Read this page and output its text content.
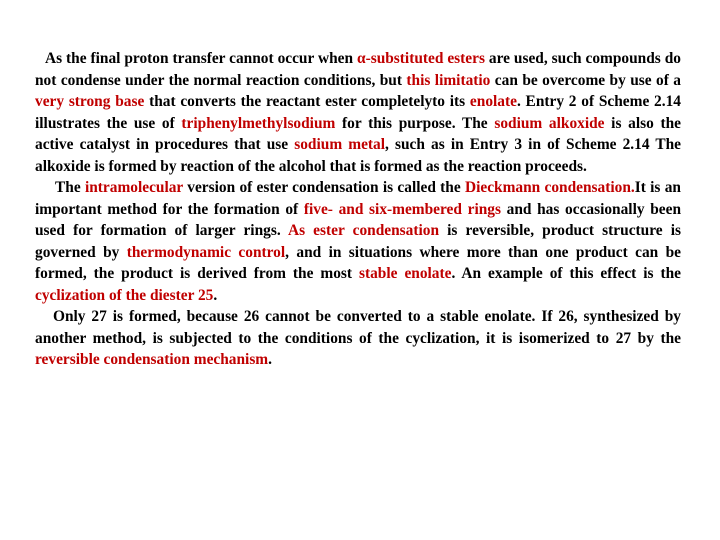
As the final proton transfer cannot occur when α-substituted esters are used, such compounds do not condense under the normal reaction conditions, but this limitatio can be overcome by use of a very strong base that converts the reactant ester completelyto its enolate. Entry 2 of Scheme 2.14 illustrates the use of triphenylmethylsodium for this purpose. The sodium alkoxide is also the active catalyst in procedures that use sodium metal, such as in Entry 3 in of Scheme 2.14 The alkoxide is formed by reaction of the alcohol that is formed as the reaction proceeds.

The intramolecular version of ester condensation is called the Dieckmann condensation.It is an important method for the formation of five- and six-membered rings and has occasionally been used for formation of larger rings. As ester condensation is reversible, product structure is governed by thermodynamic control, and in situations where more than one product can be formed, the product is derived from the most stable enolate. An example of this effect is the cyclization of the diester 25.

Only 27 is formed, because 26 cannot be converted to a stable enolate. If 26, synthesized by another method, is subjected to the conditions of the cyclization, it is isomerized to 27 by the reversible condensation mechanism.
